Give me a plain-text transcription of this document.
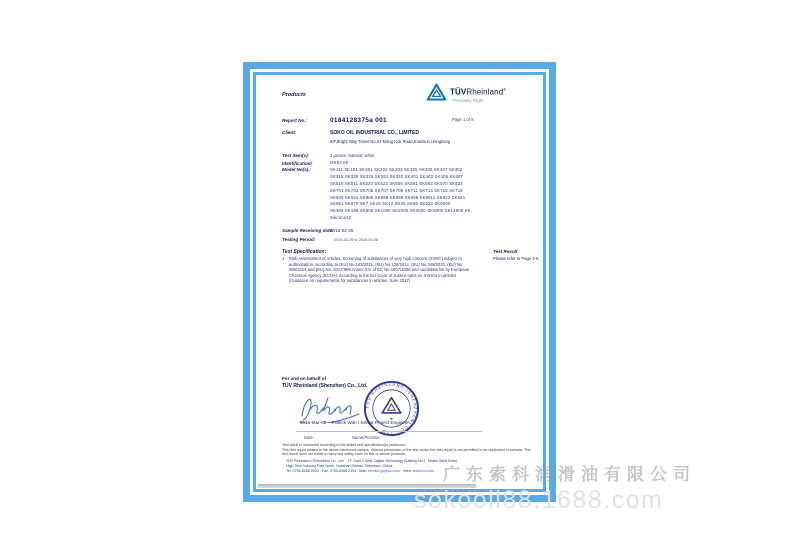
Products	TÜVRheinland®
Precisely Right.
Report No.:	0184128375a 001	Page 1 of 8
Client:	SOKO OIL INDUSTRIAL CO., LIMITED
5/F,Bright Way Tower,No.33 Mong Kok Road,Kowloon,Hongkong
Test item(s):	1 grease material, white
Identification/
Model No(s).:
GREASE
SK111 SK151 SK201 SK202 SK203 SK305 SK306 SK307 SK302
SK315 SK325 SK326 SK351 SK353 SK401 SK403 SK405 SK407
SK510 SK511 SK520 SK523 SK555 SK561 SK563 SK570 SK633
SK701 SK703 SK705 SK707 SK709 SK711 SK713 SK715 SK718
SK930 SK931 SK966 SK968 SK998 SK999 SK9011 SK922 SK941
SK951 SK970 SK7 SK16 SK13 SK25 SK66 SK923 SK9000
SK303 SK169 SK500 SK1000 SK2000 SK3000 SK5000 SK12500 SK
Silicone12
Sample Receiving date:
2016-02-28
Testing Period:	2016-02-29 to 2016-03-08
Test Specification:	Test Result
1. Risk Assessment of Articles, Screening of substances of very high concern (SVHC) subject to authorization, according to (EU) No 143/2011, (EU) No 125/2012, (EU) No 348/2013, (EU) No 895/2014 and (EU) No. 2017/999 Annex XIV of EC No 1907/2006 and candidate list by European Chemical Agency (ECHA), according to the EU Court of Justice rules on SVHCs in articles (Guidance on requirements for substances in articles, June 2017)
Please refer to Page 2-8
For and on behalf of
TÜV Rheinland (Shenzhen) Co., Ltd.
TÜV RHEINLAND (SHENZHEN) CO., LTD. ·
★
2016-Mar-08 Patrick Wan / Senior Project Engineer
Date	Name/Position
Test result is measured according to the stated test specification(s) performed.
This test report relates to the above mentioned sample. Without permission of the test center this test report is not permitted to be duplicated in extracts. This test report does not entitle to carry any safety mark on this or similar products.
TÜV Rheinland (Shenzhen) Co., Ltd. · 1F, East 3 Seat, Digital Technology Building No.1, Shahe West Road,
High-Tech Industry Park North, Nanshan District, Shenzhen, China
Tel: 0755-8268 2000 · Fax: 0755-8268 2193 · Mail: service-gc@tuv.com · Web: www.tuv.com 广东索科润滑油有限公司
sokooil88.1688.com
